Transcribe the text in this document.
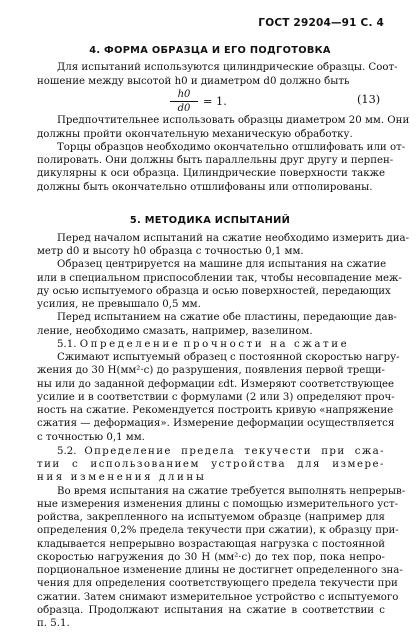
ГОСТ 29204—91 С. 4
4. ФОРМА ОБРАЗЦА И ЕГО ПОДГОТОВКА
Для испытаний используются цилиндрические образцы. Соот-
ношение между высотой h0 и диаметром d0 должно быть
$\frac{h0}{d0} = 1$.	(13)
Предпочтительнее использовать образцы диаметром 20 мм. Они
должны пройти окончательную механическую обработку.
Торцы образцов необходимо окончательно отшлифовать или от-
полировать. Они должны быть параллельны друг другу и перпен-
дикулярны к оси образца. Цилиндрические поверхности также
должны быть окончательно отшлифованы или отполированы.
5. МЕТОДИКА ИСПЫТАНИЙ
Перед началом испытаний на сжатие необходимо измерить диа-
метр d0 и высоту h0 образца с точностью 0,1 мм.
Образец центрируется на машине для испытания на сжатие
или в специальном приспособлении так, чтобы несовпадение меж-
ду осью испытуемого образца и осью поверхностей, передающих
усилия, не превышало 0,5 мм.
Перед испытанием на сжатие обе пластины, передающие дав-
ление, необходимо смазать, например, вазелином.
5.1. Определение прочности на сжатие
Сжимают испытуемый образец с постоянной скоростью нагру-
жения до 30 Н(мм²·с) до разрушения, появления первой трещи-
ны или до заданной деформации εdt. Измеряют соответствующее
усилие и в соответствии с формулами (2 или 3) определяют проч-
ность на сжатие. Рекомендуется построить кривую «напряжение
сжатия — деформация». Измерение деформации осуществляется
с точностью 0,1 мм.
5.2. Определение предела текучести при сжа-
тии с использованием устройства для измере-
ния изменения длины
Во время испытания на сжатие требуется выполнять непрерыв-
ные измерения изменения длины с помощью измерительного уст-
ройства, закрепленного на испытуемом образце (например для
определения 0,2% предела текучести при сжатии), к образцу при-
кладывается непрерывно возрастающая нагрузка с постоянной
скоростью нагружения до 30 Н (мм²·с) до тех пор, пока непро-
порциональное изменение длины не достигнет определенного зна-
чения для определения соответствующего предела текучести при
сжатии. Затем снимают измерительное устройство с испытуемого
образца. Продолжают испытания на сжатие в соответствии с
п. 5.1.
